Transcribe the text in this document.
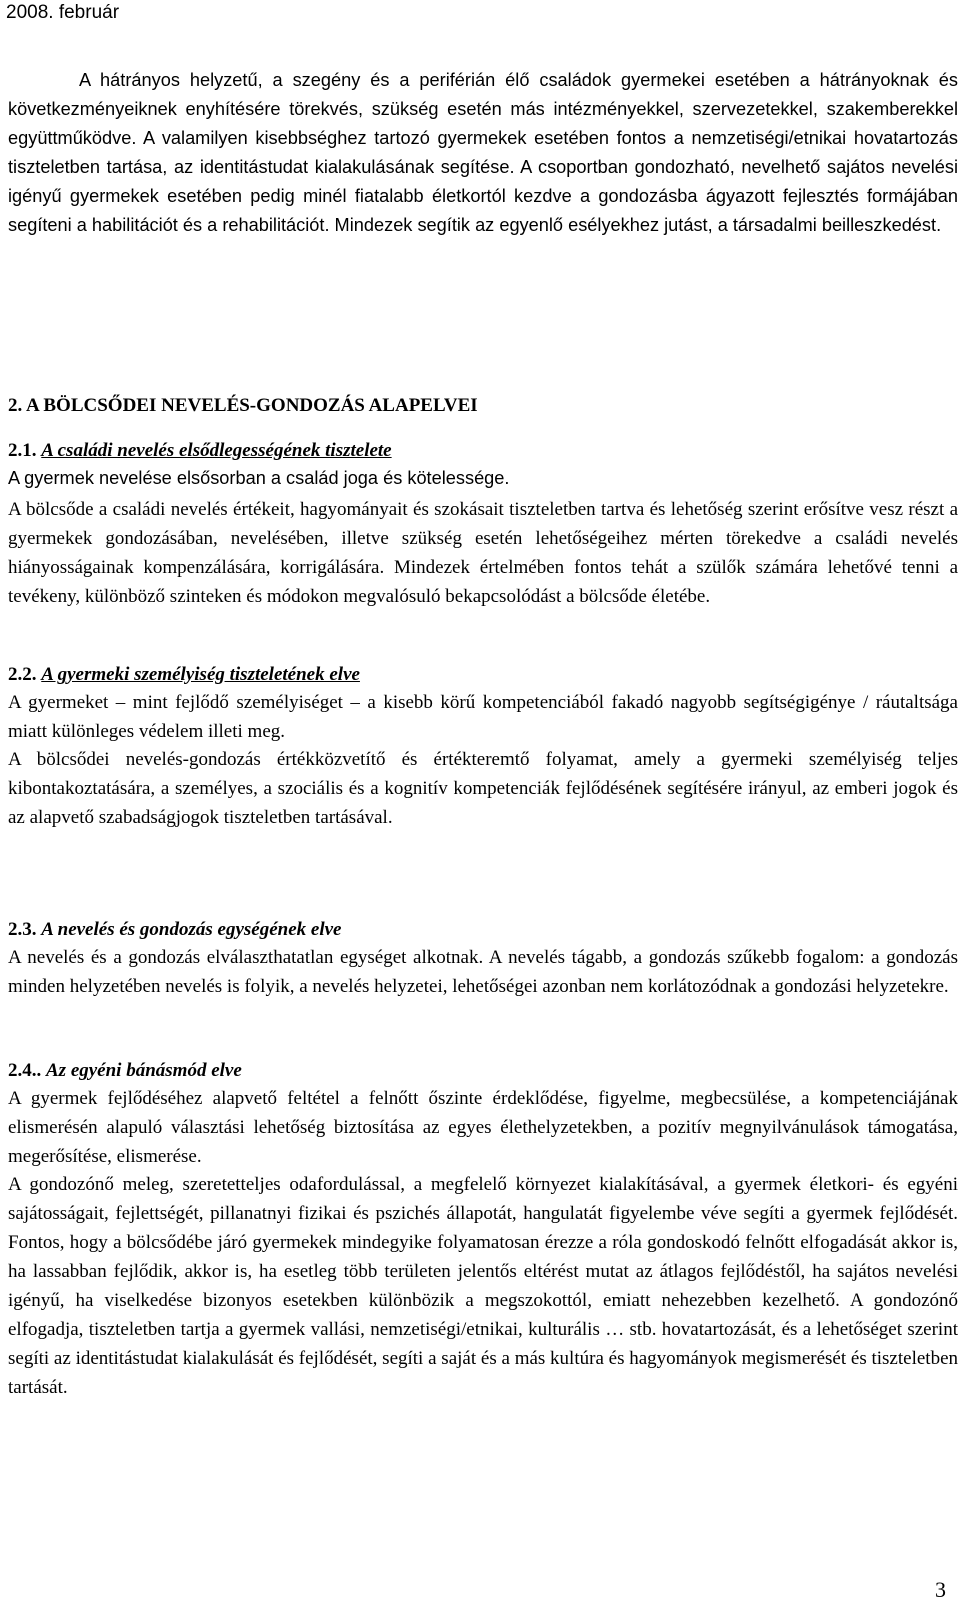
2008. február

A hátrányos helyzetű, a szegény és a periférián élő családok gyermekei esetében a hátrányoknak és következményeiknek enyhítésére törekvés, szükség esetén más intézményekkel, szervezetekkel, szakemberekkel együttműködve. A valamilyen kisebbséghez tartozó gyermekek esetében fontos a nemzetiségi/etnikai hovatartozás tiszteletben tartása, az identitástudat kialakulásának segítése. A csoportban gondozható, nevelhető sajátos nevelési igényű gyermekek esetében pedig minél fiatalabb életkortól kezdve a gondozásba ágyazott fejlesztés formájában segíteni a habilitációt és a rehabilitációt. Mindezek segítik az egyenlő esélyekhez jutást, a társadalmi beilleszkedést.

2. A BÖLCSŐDEI NEVELÉS-GONDOZÁS ALAPELVEI
2.1. A családi nevelés elsődlegességének tisztelete

A gyermek nevelése elsősorban a család joga és kötelessége.

A bölcsőde a családi nevelés értékeit, hagyományait és szokásait tiszteletben tartva és lehetőség szerint erősítve vesz részt a gyermekek gondozásában, nevelésében, illetve szükség esetén lehetőségeihez mérten törekedve a családi nevelés hiányosságainak kompenzálására, korrigálására. Mindezek értelmében fontos tehát a szülők számára lehetővé tenni a tevékeny, különböző szinteken és módokon megvalósuló bekapcsolódást a bölcsőde életébe.

2.2. A gyermeki személyiség tiszteletének elve

A gyermeket – mint fejlődő személyiséget – a kisebb körű kompetenciából fakadó nagyobb segítségigénye / ráutaltsága miatt különleges védelem illeti meg.

A bölcsődei nevelés-gondozás értékközvetítő és értékteremtő folyamat, amely a gyermeki személyiség teljes kibontakoztatására, a személyes, a szociális és a kognitív kompetenciák fejlődésének segítésére irányul, az emberi jogok és az alapvető szabadságjogok tiszteletben tartásával.

2.3. A nevelés és gondozás egységének elve

A nevelés és a gondozás elválaszthatatlan egységet alkotnak. A nevelés tágabb, a gondozás szűkebb fogalom: a gondozás minden helyzetében nevelés is folyik, a nevelés helyzetei, lehetőségei azonban nem korlátozódnak a gondozási helyzetekre.

2.4.. Az egyéni bánásmód elve

A gyermek fejlődéséhez alapvető feltétel a felnőtt őszinte érdeklődése, figyelme, megbecsülése, a kompetenciájának elismerésén alapuló választási lehetőség biztosítása az egyes élethelyzetekben, a pozitív megnyilvánulások támogatása, megerősítése, elismerése.

A gondozónő meleg, szeretetteljes odafordulással, a megfelelő környezet kialakításával, a gyermek életkori- és egyéni sajátosságait, fejlettségét, pillanatnyi fizikai és pszichés állapotát, hangulatát figyelembe véve segíti a gyermek fejlődését. Fontos, hogy a bölcsődébe járó gyermekek mindegyike folyamatosan érezze a róla gondoskodó felnőtt elfogadását akkor is, ha lassabban fejlődik, akkor is, ha esetleg több területen jelentős eltérést mutat az átlagos fejlődéstől, ha sajátos nevelési igényű, ha viselkedése bizonyos esetekben különbözik a megszokottól, emiatt nehezebben kezelhető. A gondozónő elfogadja, tiszteletben tartja a gyermek vallási, nemzetiségi/etnikai, kulturális … stb. hovatartozását, és a lehetőséget szerint segíti az identitástudat kialakulását és fejlődését, segíti a saját és a más kultúra és hagyományok megismerését és tiszteletben tartását.

3
